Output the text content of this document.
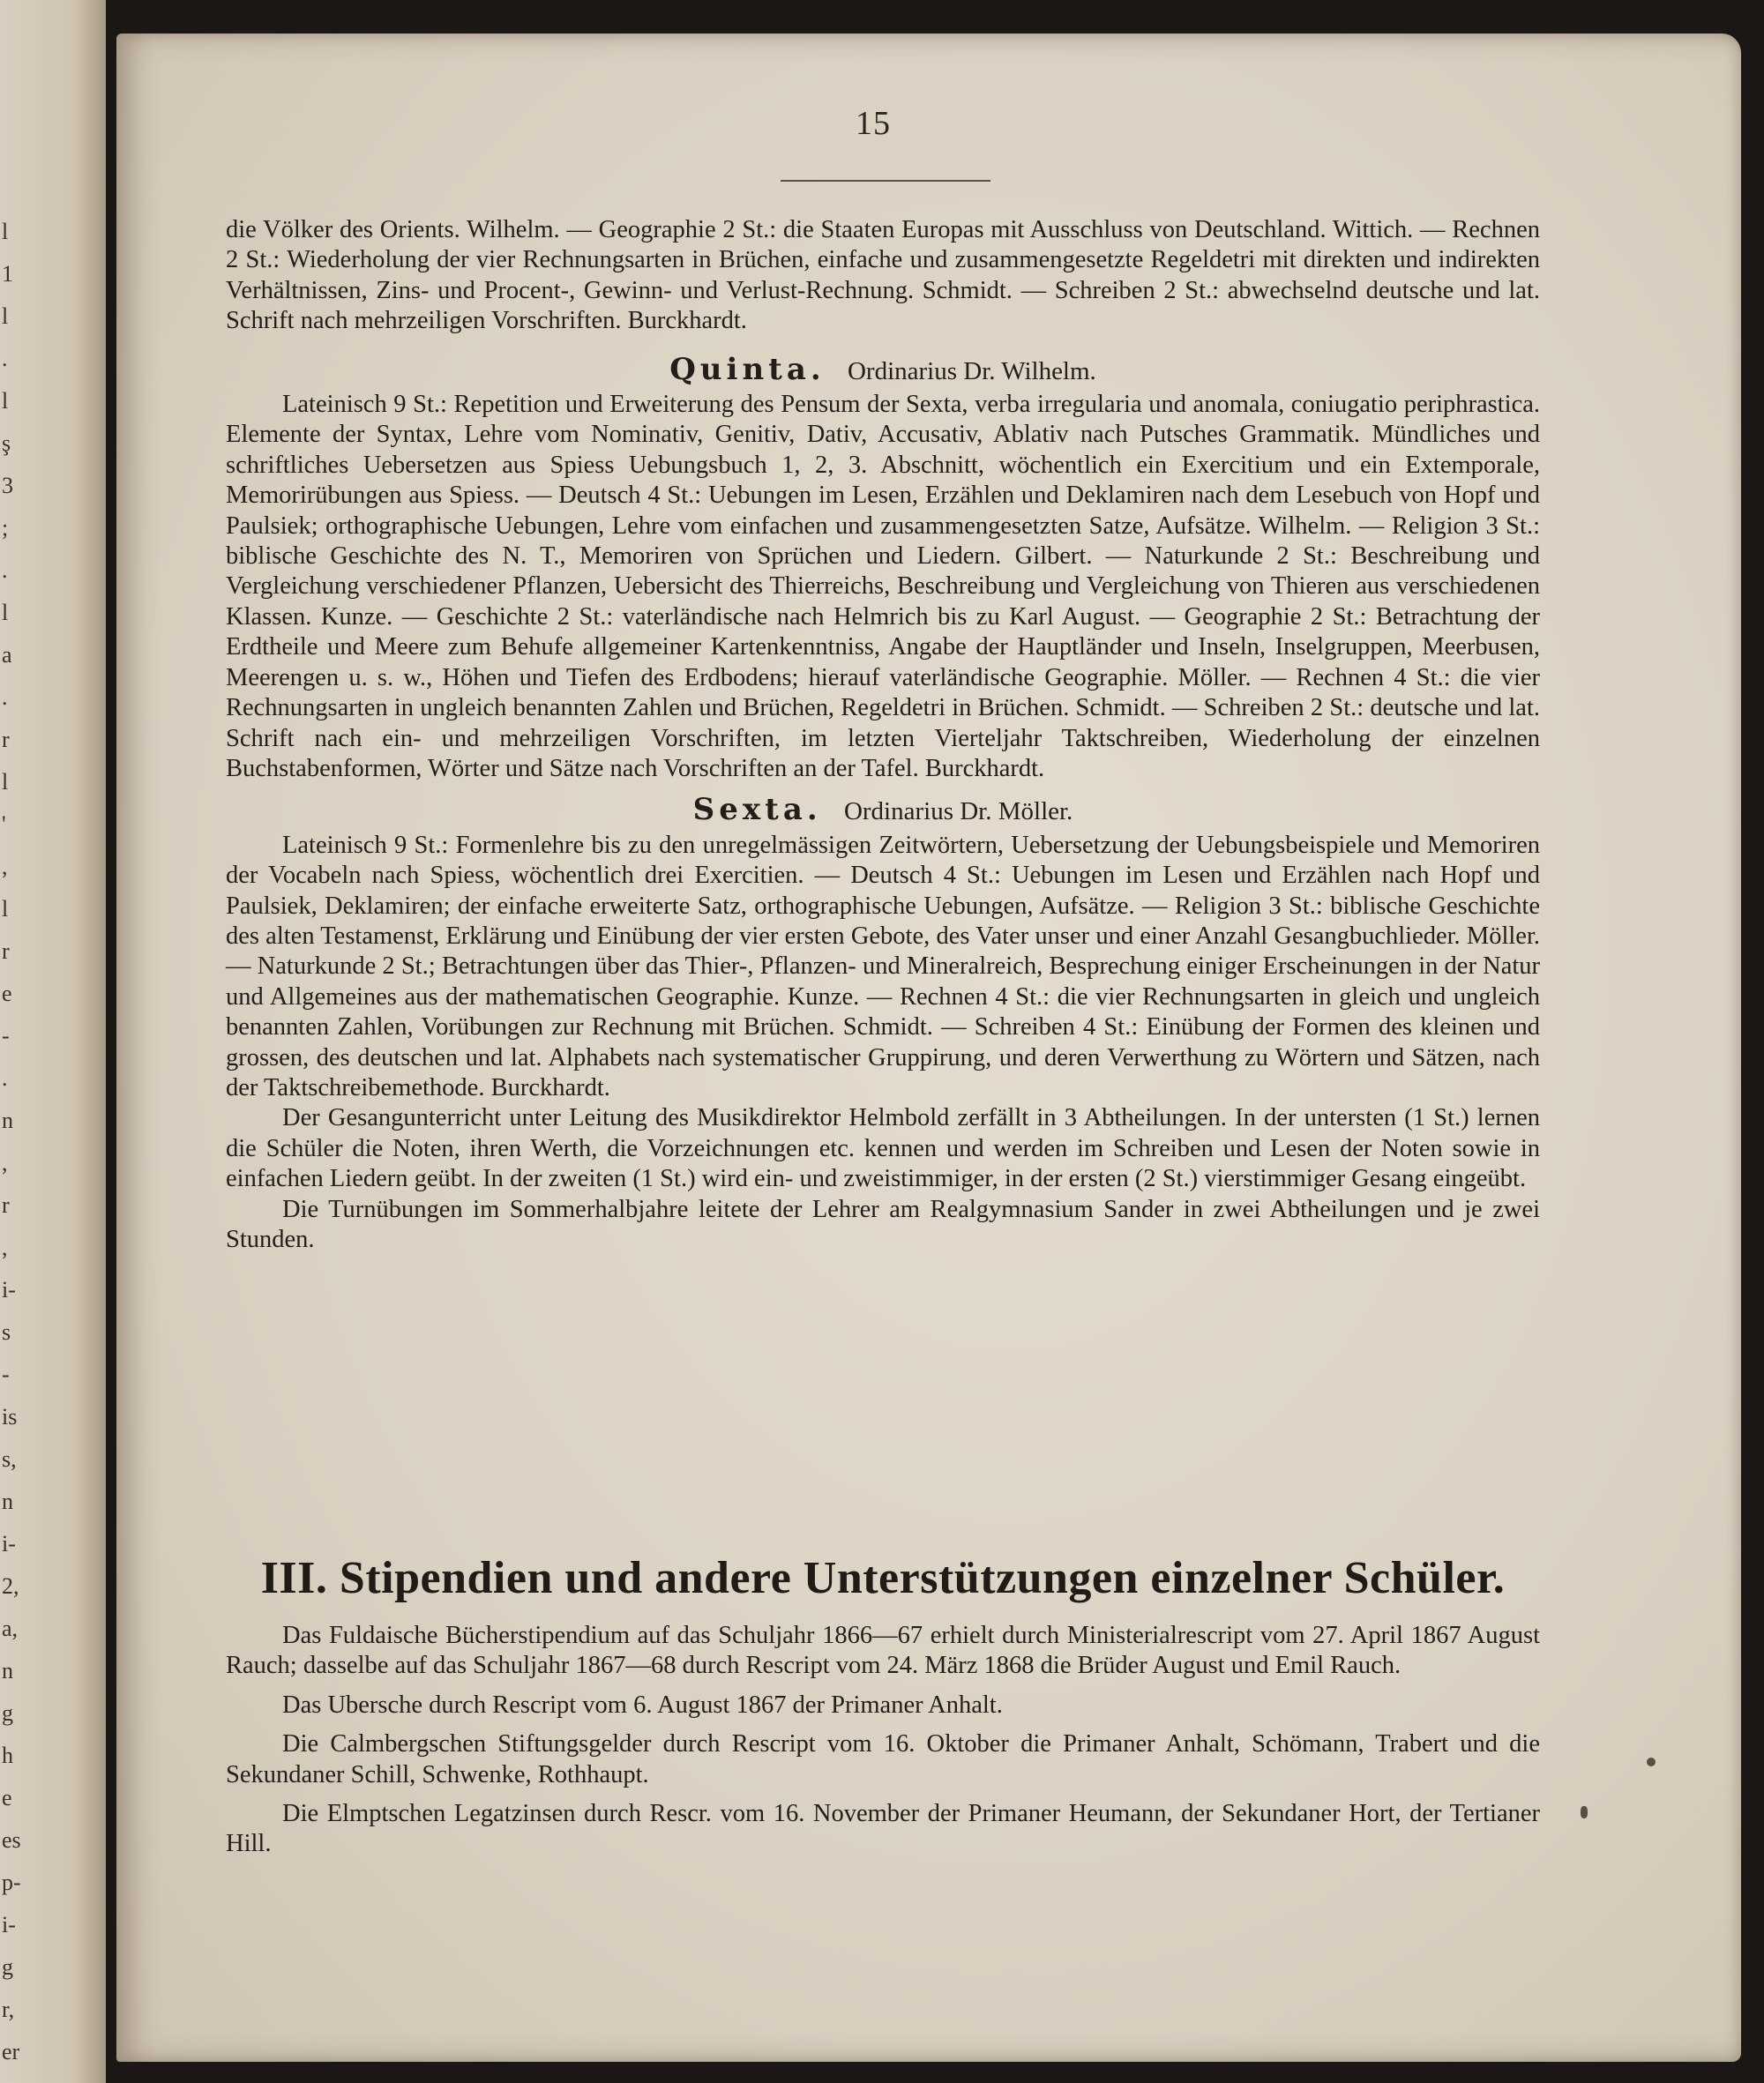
l
1
l
.
l
ş
3
;
.
l
a
.
r
l
'
,
l
r
e
-
.
n
,
r
,
i-
s
-
is
s,
n
i-
2,
a,
n
g
h
e
es
p-
i-
g
r,
er
15

die Völker des Orients. Wilhelm. — Geographie 2 St.: die Staaten Europas mit Ausschluss von Deutschland. Wittich. — Rechnen 2 St.: Wiederholung der vier Rechnungsarten in Brüchen, einfache und zusammengesetzte Regeldetri mit direkten und indirekten Verhältnissen, Zins- und Procent-, Gewinn- und Verlust-Rechnung. Schmidt. — Schreiben 2 St.: abwechselnd deutsche und lat. Schrift nach mehrzeiligen Vorschriften. Burckhardt.

Quinta. Ordinarius Dr. Wilhelm.

Lateinisch 9 St.: Repetition und Erweiterung des Pensum der Sexta, verba irregularia und anomala, coniugatio periphrastica. Elemente der Syntax, Lehre vom Nominativ, Genitiv, Dativ, Accusativ, Ablativ nach Putsches Grammatik. Mündliches und schriftliches Uebersetzen aus Spiess Uebungsbuch 1, 2, 3. Abschnitt, wöchentlich ein Exercitium und ein Extemporale, Memorirübungen aus Spiess. — Deutsch 4 St.: Uebungen im Lesen, Erzählen und Deklamiren nach dem Lesebuch von Hopf und Paulsiek; orthographische Uebungen, Lehre vom einfachen und zusammengesetzten Satze, Aufsätze. Wilhelm. — Religion 3 St.: biblische Geschichte des N. T., Memoriren von Sprüchen und Liedern. Gilbert. — Naturkunde 2 St.: Beschreibung und Vergleichung verschiedener Pflanzen, Uebersicht des Thierreichs, Beschreibung und Vergleichung von Thieren aus verschiedenen Klassen. Kunze. — Geschichte 2 St.: vaterländische nach Helmrich bis zu Karl August. — Geographie 2 St.: Betrachtung der Erdtheile und Meere zum Behufe allgemeiner Kartenkenntniss, Angabe der Hauptländer und Inseln, Inselgruppen, Meerbusen, Meerengen u. s. w., Höhen und Tiefen des Erdbodens; hierauf vaterländische Geographie. Möller. — Rechnen 4 St.: die vier Rechnungsarten in ungleich benannten Zahlen und Brüchen, Regeldetri in Brüchen. Schmidt. — Schreiben 2 St.: deutsche und lat. Schrift nach ein- und mehrzeiligen Vorschriften, im letzten Vierteljahr Taktschreiben, Wiederholung der einzelnen Buchstabenformen, Wörter und Sätze nach Vorschriften an der Tafel. Burckhardt.

Sexta. Ordinarius Dr. Möller.

Lateinisch 9 St.: Formenlehre bis zu den unregelmässigen Zeitwörtern, Uebersetzung der Uebungsbeispiele und Memoriren der Vocabeln nach Spiess, wöchentlich drei Exercitien. — Deutsch 4 St.: Uebungen im Lesen und Erzählen nach Hopf und Paulsiek, Deklamiren; der einfache erweiterte Satz, orthographische Uebungen, Aufsätze. — Religion 3 St.: biblische Geschichte des alten Testamenst, Erklärung und Einübung der vier ersten Gebote, des Vater unser und einer Anzahl Gesangbuchlieder. Möller. — Naturkunde 2 St.; Betrachtungen über das Thier-, Pflanzen- und Mineralreich, Besprechung einiger Erscheinungen in der Natur und Allgemeines aus der mathematischen Geographie. Kunze. — Rechnen 4 St.: die vier Rechnungsarten in gleich und ungleich benannten Zahlen, Vorübungen zur Rechnung mit Brüchen. Schmidt. — Schreiben 4 St.: Einübung der Formen des kleinen und grossen, des deutschen und lat. Alphabets nach systematischer Gruppirung, und deren Verwerthung zu Wörtern und Sätzen, nach der Taktschreibemethode. Burckhardt.

Der Gesangunterricht unter Leitung des Musikdirektor Helmbold zerfällt in 3 Abtheilungen. In der untersten (1 St.) lernen die Schüler die Noten, ihren Werth, die Vorzeichnungen etc. kennen und werden im Schreiben und Lesen der Noten sowie in einfachen Liedern geübt. In der zweiten (1 St.) wird ein- und zweistimmiger, in der ersten (2 St.) vierstimmiger Gesang eingeübt.

Die Turnübungen im Sommerhalbjahre leitete der Lehrer am Realgymnasium Sander in zwei Abtheilungen und je zwei Stunden.

III. Stipendien und andere Unterstützungen einzelner Schüler.

Das Fuldaische Bücherstipendium auf das Schuljahr 1866—67 erhielt durch Ministerialrescript vom 27. April 1867 August Rauch; dasselbe auf das Schuljahr 1867—68 durch Rescript vom 24. März 1868 die Brüder August und Emil Rauch.

Das Ubersche durch Rescript vom 6. August 1867 der Primaner Anhalt.

Die Calmbergschen Stiftungsgelder durch Rescript vom 16. Oktober die Primaner Anhalt, Schömann, Trabert und die Sekundaner Schill, Schwenke, Rothhaupt.

Die Elmptschen Legatzinsen durch Rescr. vom 16. November der Primaner Heumann, der Sekundaner Hort, der Tertianer Hill.
